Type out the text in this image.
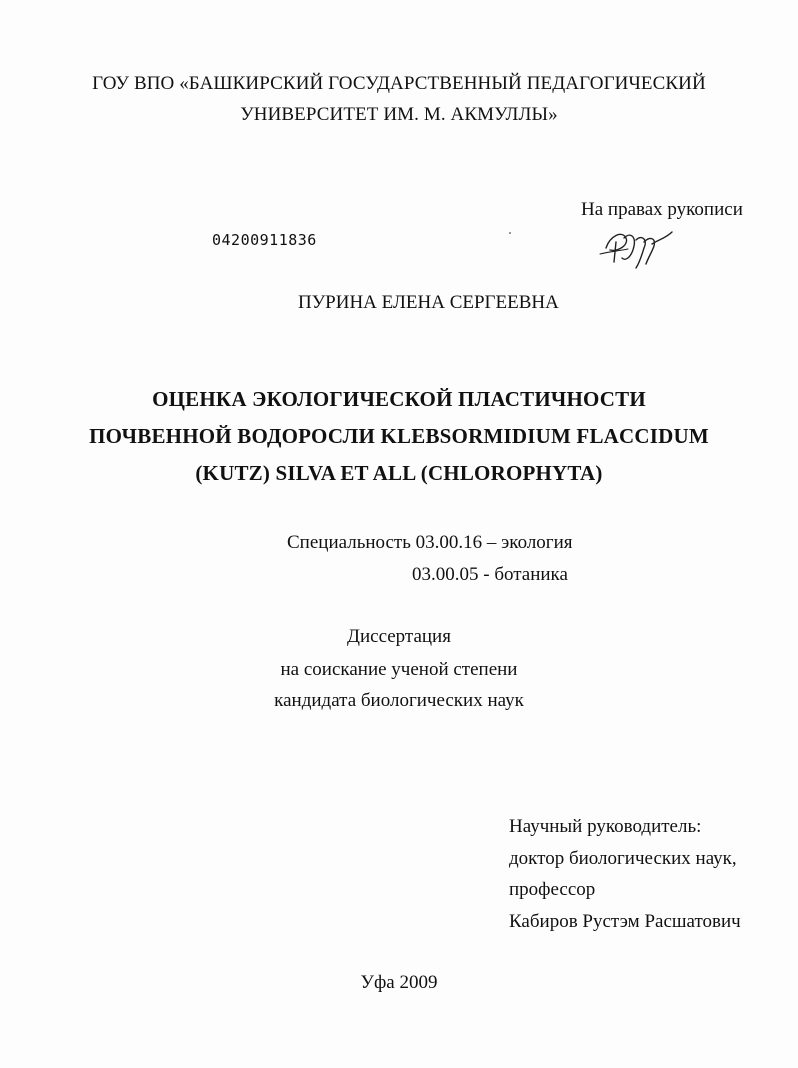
ГОУ ВПО «БАШКИРСКИЙ ГОСУДАРСТВЕННЫЙ ПЕДАГОГИЧЕСКИЙ
УНИВЕРСИТЕТ ИМ. М. АКМУЛЛЫ»
На правах рукописи
04200911836
ПУРИНА ЕЛЕНА СЕРГЕЕВНА
ОЦЕНКА ЭКОЛОГИЧЕСКОЙ ПЛАСТИЧНОСТИ
ПОЧВЕННОЙ ВОДОРОСЛИ KLEBSORMIDIUM FLACCIDUM
(KUTZ) SILVA ET ALL (CHLOROPHYTA)
Специальность 03.00.16 – экология
03.00.05 - ботаника
Диссертация
на соискание ученой степени
кандидата биологических наук
Научный руководитель:
доктор биологических наук,
профессор
Кабиров Рустэм Расшатович
Уфа 2009
